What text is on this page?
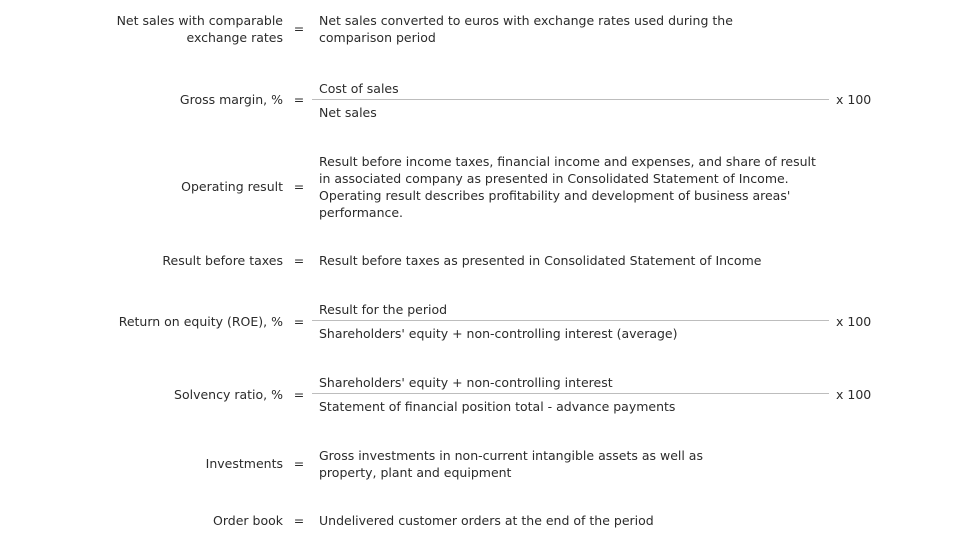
Net sales with comparable
exchange rates
=
Net sales converted to euros with exchange rates used during the comparison period
Gross margin, % =
Cost of sales
Net sales
x 100
Operating result =
Result before income taxes, financial income and expenses, and share of result in associated company as presented in Consolidated Statement of Income. Operating result describes profitability and development of business areas' performance.
Result before taxes = Result before taxes as presented in Consolidated Statement of Income
Return on equity (ROE), % =
Result for the period
Shareholders' equity + non-controlling interest (average)
x 100
Solvency ratio, % =
Shareholders' equity + non-controlling interest
Statement of financial position total - advance payments
x 100
Investments =
Gross investments in non-current intangible assets as well as property, plant and equipment
Order book = Undelivered customer orders at the end of the period
